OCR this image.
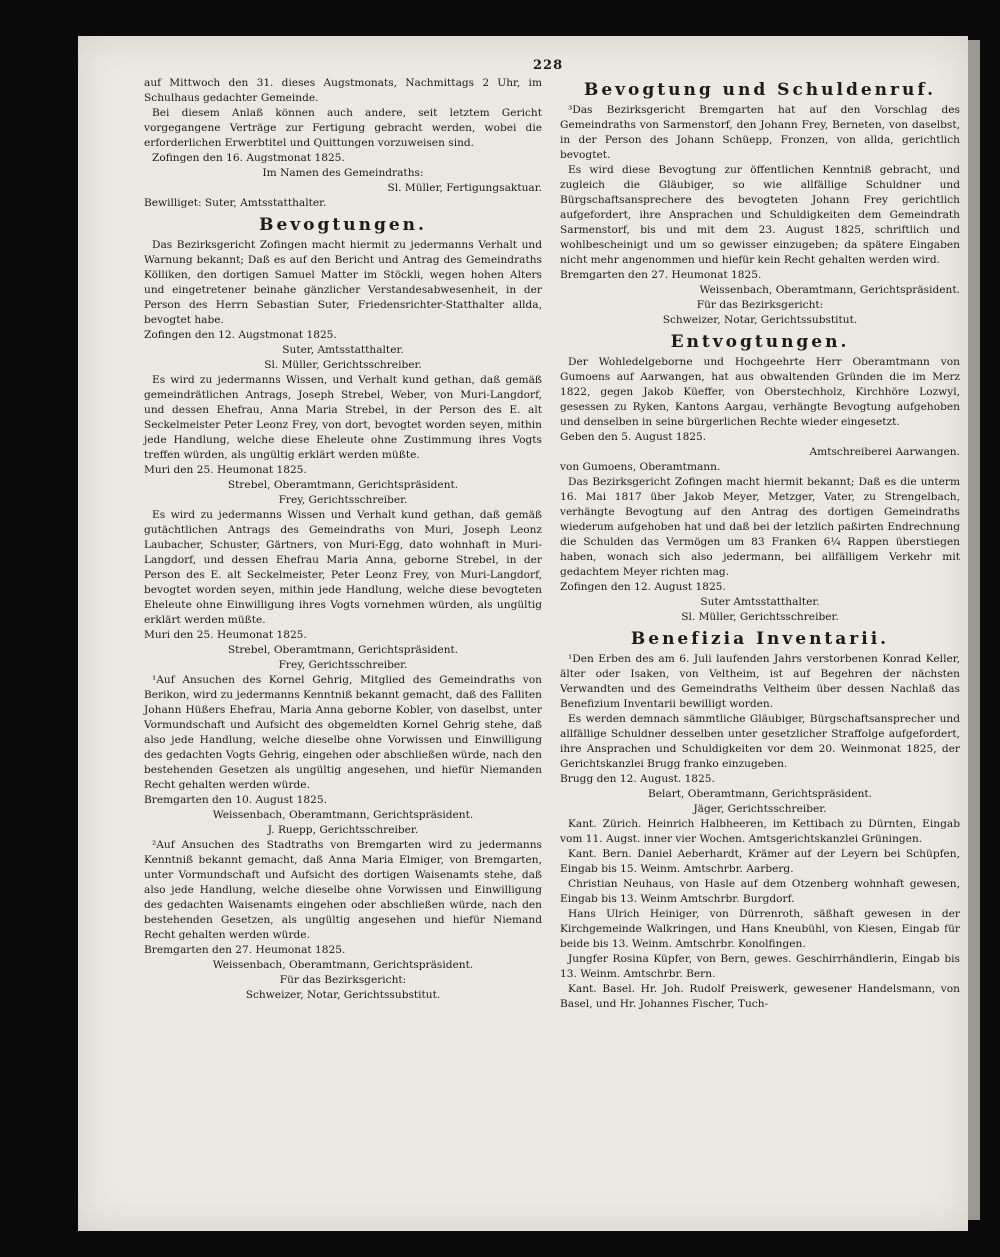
228

auf Mittwoch den 31. dieses Augstmonats, Nachmittags 2 Uhr, im Schulhaus gedachter Gemeinde.

Bei diesem Anlaß können auch andere, seit letztem Gericht vorgegangene Verträge zur Fertigung gebracht werden, wobei die erforderlichen Erwerbtitel und Quittungen vorzuweisen sind.

Zofingen den 16. Augstmonat 1825.

Im Namen des Gemeindraths:

Sl. Müller, Fertigungsaktuar.

Bewilliget: Suter, Amtsstatthalter.

Bevogtungen.

Das Bezirksgericht Zofingen macht hiermit zu jedermanns Verhalt und Warnung bekannt; Daß es auf den Bericht und Antrag des Gemeindraths Kölliken, den dortigen Samuel Matter im Stöckli, wegen hohen Alters und eingetretener beinahe gänzlicher Verstandesabwesenheit, in der Person des Herrn Sebastian Suter, Friedensrichter-Statthalter allda, bevogtet habe.

Zofingen den 12. Augstmonat 1825.

Suter, Amtsstatthalter.

Sl. Müller, Gerichtsschreiber.

Es wird zu jedermanns Wissen, und Verhalt kund gethan, daß gemäß gemeindrätlichen Antrags, Joseph Strebel, Weber, von Muri-Langdorf, und dessen Ehefrau, Anna Maria Strebel, in der Person des E. alt Seckelmeister Peter Leonz Frey, von dort, bevogtet worden seyen, mithin jede Handlung, welche diese Eheleute ohne Zustimmung ihres Vogts treffen würden, als ungültig erklärt werden müßte.

Muri den 25. Heumonat 1825.

Strebel, Oberamtmann, Gerichtspräsident.

Frey, Gerichtsschreiber.

Es wird zu jedermanns Wissen und Verhalt kund gethan, daß gemäß gutächtlichen Antrags des Gemeindraths von Muri, Joseph Leonz Laubacher, Schuster, Gärtners, von Muri-Egg, dato wohnhaft in Muri-Langdorf, und dessen Ehefrau Maria Anna, geborne Strebel, in der Person des E. alt Seckelmeister, Peter Leonz Frey, von Muri-Langdorf, bevogtet worden seyen, mithin jede Handlung, welche diese bevogteten Eheleute ohne Einwilligung ihres Vogts vornehmen würden, als ungültig erklärt werden müßte.

Muri den 25. Heumonat 1825.

Strebel, Oberamtmann, Gerichtspräsident.

Frey, Gerichtsschreiber.

¹Auf Ansuchen des Kornel Gehrig, Mitglied des Gemeindraths von Berikon, wird zu jedermanns Kenntniß bekannt gemacht, daß des Falliten Johann Hüßers Ehefrau, Maria Anna geborne Kobler, von daselbst, unter Vormundschaft und Aufsicht des obgemeldten Kornel Gehrig stehe, daß also jede Handlung, welche dieselbe ohne Vorwissen und Einwilligung des gedachten Vogts Gehrig, eingehen oder abschließen würde, nach den bestehenden Gesetzen als ungültig angesehen, und hiefür Niemanden Recht gehalten werden würde.

Bremgarten den 10. August 1825.

Weissenbach, Oberamtmann, Gerichtspräsident.

J. Ruepp, Gerichtsschreiber.

²Auf Ansuchen des Stadtraths von Bremgarten wird zu jedermanns Kenntniß bekannt gemacht, daß Anna Maria Elmiger, von Bremgarten, unter Vormundschaft und Aufsicht des dortigen Waisenamts stehe, daß also jede Handlung, welche dieselbe ohne Vorwissen und Einwilligung des gedachten Waisenamts eingehen oder abschließen würde, nach den bestehenden Gesetzen, als ungültig angesehen und hiefür Niemand Recht gehalten werden würde.

Bremgarten den 27. Heumonat 1825.

Weissenbach, Oberamtmann, Gerichtspräsident.

Für das Bezirksgericht:

Schweizer, Notar, Gerichtssubstitut.

Bevogtung und Schuldenruf.

³Das Bezirksgericht Bremgarten hat auf den Vorschlag des Gemeindraths von Sarmenstorf, den Johann Frey, Berneten, von daselbst, in der Person des Johann Schüepp, Fronzen, von allda, gerichtlich bevogtet.

Es wird diese Bevogtung zur öffentlichen Kenntniß gebracht, und zugleich die Gläubiger, so wie allfällige Schuldner und Bürgschaftsansprechere des bevogteten Johann Frey gerichtlich aufgefordert, ihre Ansprachen und Schuldigkeiten dem Gemeindrath Sarmenstorf, bis und mit dem 23. August 1825, schriftlich und wohlbescheinigt und um so gewisser einzugeben; da spätere Eingaben nicht mehr angenommen und hiefür kein Recht gehalten werden wird.

Bremgarten den 27. Heumonat 1825.

Weissenbach, Oberamtmann, Gerichtspräsident.

Für das Bezirksgericht:

Schweizer, Notar, Gerichtssubstitut.

Entvogtungen.

Der Wohledelgeborne und Hochgeehrte Herr Oberamtmann von Gumoens auf Aarwangen, hat aus obwaltenden Gründen die im Merz 1822, gegen Jakob Küeffer, von Oberstechholz, Kirchhöre Lozwyl, gesessen zu Ryken, Kantons Aargau, verhängte Bevogtung aufgehoben und denselben in seine bürgerlichen Rechte wieder eingesetzt.

Geben den 5. August 1825.

Amtschreiberei Aarwangen.

von Gumoens, Oberamtmann.

Das Bezirksgericht Zofingen macht hiermit bekannt; Daß es die unterm 16. Mai 1817 über Jakob Meyer, Metzger, Vater, zu Strengelbach, verhängte Bevogtung auf den Antrag des dortigen Gemeindraths wiederum aufgehoben hat und daß bei der letzlich paßirten Endrechnung die Schulden das Vermögen um 83 Franken 6¼ Rappen überstiegen haben, wonach sich also jedermann, bei allfälligem Verkehr mit gedachtem Meyer richten mag.

Zofingen den 12. August 1825.

Suter Amtsstatthalter.

Sl. Müller, Gerichtsschreiber.

Benefizia Inventarii.

¹Den Erben des am 6. Juli laufenden Jahrs verstorbenen Konrad Keller, älter oder Isaken, von Veltheim, ist auf Begehren der nächsten Verwandten und des Gemeindraths Veltheim über dessen Nachlaß das Benefizium Inventarii bewilligt worden.

Es werden demnach sämmtliche Gläubiger, Bürgschaftsansprecher und allfällige Schuldner desselben unter gesetzlicher Straffolge aufgefordert, ihre Ansprachen und Schuldigkeiten vor dem 20. Weinmonat 1825, der Gerichtskanzlei Brugg franko einzugeben.

Brugg den 12. August. 1825.

Belart, Oberamtmann, Gerichtspräsident.

Jäger, Gerichtsschreiber.

Kant. Zürich. Heinrich Halbheeren, im Kettibach zu Dürnten, Eingab vom 11. Augst. inner vier Wochen. Amtsgerichtskanzlei Grüningen.

Kant. Bern. Daniel Aeberhardt, Krämer auf der Leyern bei Schüpfen, Eingab bis 15. Weinm. Amtschrbr. Aarberg.

Christian Neuhaus, von Hasle auf dem Otzenberg wohnhaft gewesen, Eingab bis 13. Weinm Amtschrbr. Burgdorf.

Hans Ulrich Heiniger, von Dürrenroth, säßhaft gewesen in der Kirchgemeinde Walkringen, und Hans Kneubühl, von Kiesen, Eingab für beide bis 13. Weinm. Amtschrbr. Konolfingen.

Jungfer Rosina Küpfer, von Bern, gewes. Geschirrhändlerin, Eingab bis 13. Weinm. Amtschrbr. Bern.

Kant. Basel. Hr. Joh. Rudolf Preiswerk, gewesener Handelsmann, von Basel, und Hr. Johannes Fischer, Tuch-
